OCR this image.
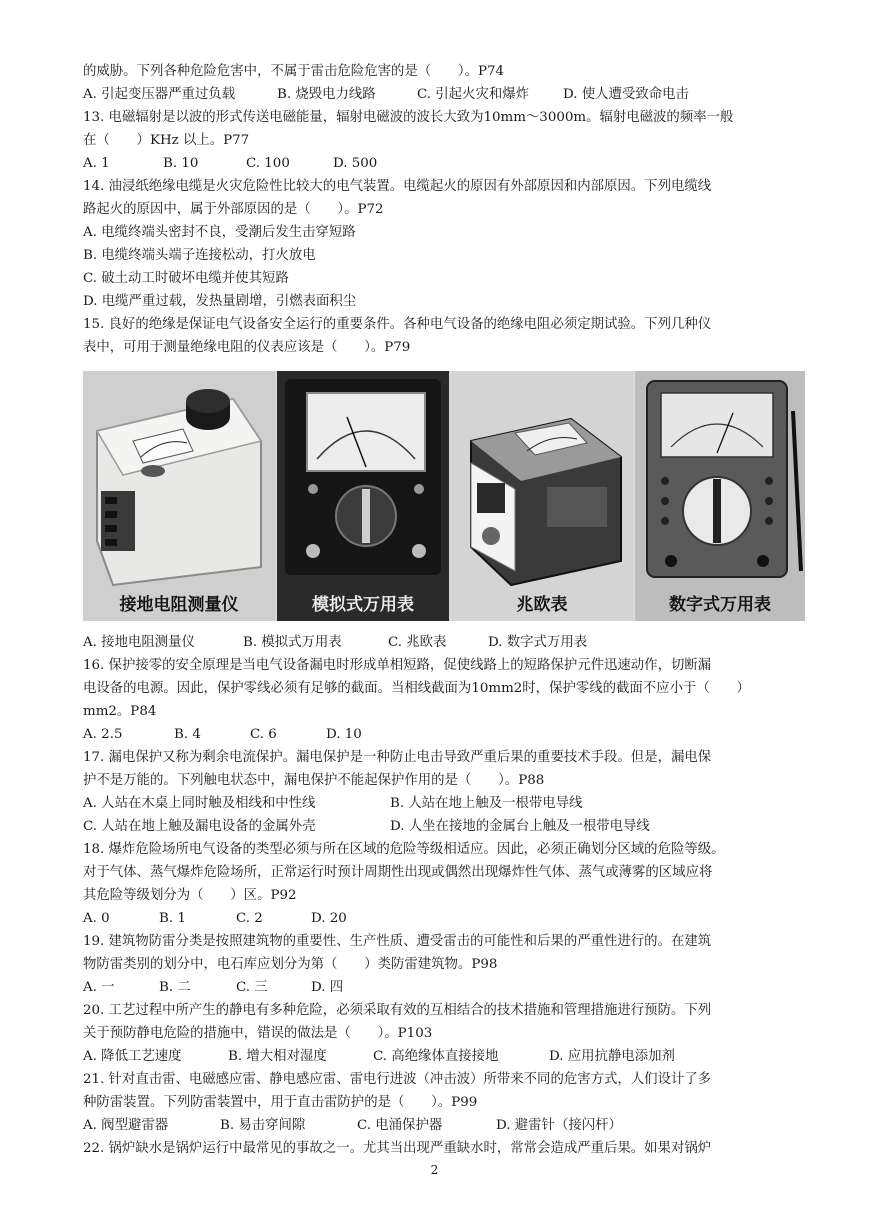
的威胁。下列各种危险危害中，不属于雷击危险危害的是（　　）。P74
A. 引起变压器严重过负载	B. 烧毁电力线路	C. 引起火灾和爆炸	D. 使人遭受致命电击
13. 电磁辐射是以波的形式传送电磁能量，辐射电磁波的波长大致为10mm～3000m。辐射电磁波的频率一般
在（　　）KHz 以上。P77
A. 1	B. 10	C. 100	D. 500
14. 油浸纸绝缘电缆是火灾危险性比较大的电气装置。电缆起火的原因有外部原因和内部原因。下列电缆线
路起火的原因中，属于外部原因的是（　　）。P72
A. 电缆终端头密封不良，受潮后发生击穿短路
B. 电缆终端头端子连接松动，打火放电
C. 破土动工时破坏电缆并使其短路
D. 电缆严重过载，发热量剧增，引燃表面积尘
15. 良好的绝缘是保证电气设备安全运行的重要条件。各种电气设备的绝缘电阻必须定期试验。下列几种仪
表中，可用于测量绝缘电阻的仪表应该是（　　）。P79
接地电阻测量仪	模拟式万用表	兆欧表	数字式万用表
A. 接地电阻测量仪	B. 模拟式万用表	C. 兆欧表	D. 数字式万用表
16. 保护接零的安全原理是当电气设备漏电时形成单相短路，促使线路上的短路保护元件迅速动作，切断漏
电设备的电源。因此，保护零线必须有足够的截面。当相线截面为10mm2时，保护零线的截面不应小于（　　）
mm2。P84
A. 2.5	B. 4	C. 6	D. 10
17. 漏电保护又称为剩余电流保护。漏电保护是一种防止电击导致严重后果的重要技术手段。但是，漏电保
护不是万能的。下列触电状态中，漏电保护不能起保护作用的是（　　）。P88
A. 人站在木桌上同时触及相线和中性线	B. 人站在地上触及一根带电导线
C. 人站在地上触及漏电设备的金属外壳	D. 人坐在接地的金属台上触及一根带电导线
18. 爆炸危险场所电气设备的类型必须与所在区域的危险等级相适应。因此，必须正确划分区域的危险等级。
对于气体、蒸气爆炸危险场所，正常运行时预计周期性出现或偶然出现爆炸性气体、蒸气或薄雾的区域应将
其危险等级划分为（　　）区。P92
A. 0	B. 1	C. 2	D. 20
19. 建筑物防雷分类是按照建筑物的重要性、生产性质、遭受雷击的可能性和后果的严重性进行的。在建筑
物防雷类别的划分中，电石库应划分为第（　　）类防雷建筑物。P98
A. 一	B. 二	C. 三	D. 四
20. 工艺过程中所产生的静电有多种危险，必须采取有效的互相结合的技术措施和管理措施进行预防。下列
关于预防静电危险的措施中，错误的做法是（　　）。P103
A. 降低工艺速度	B. 增大相对湿度	C. 高绝缘体直接接地	D. 应用抗静电添加剂
21. 针对直击雷、电磁感应雷、静电感应雷、雷电行进波（冲击波）所带来不同的危害方式，人们设计了多
种防雷装置。下列防雷装置中，用于直击雷防护的是（　　）。P99
A. 阀型避雷器	B. 易击穿间隙	C. 电涌保护器	D. 避雷针（接闪杆）
22. 锅炉缺水是锅炉运行中最常见的事故之一。尤其当出现严重缺水时，常常会造成严重后果。如果对锅炉
2
